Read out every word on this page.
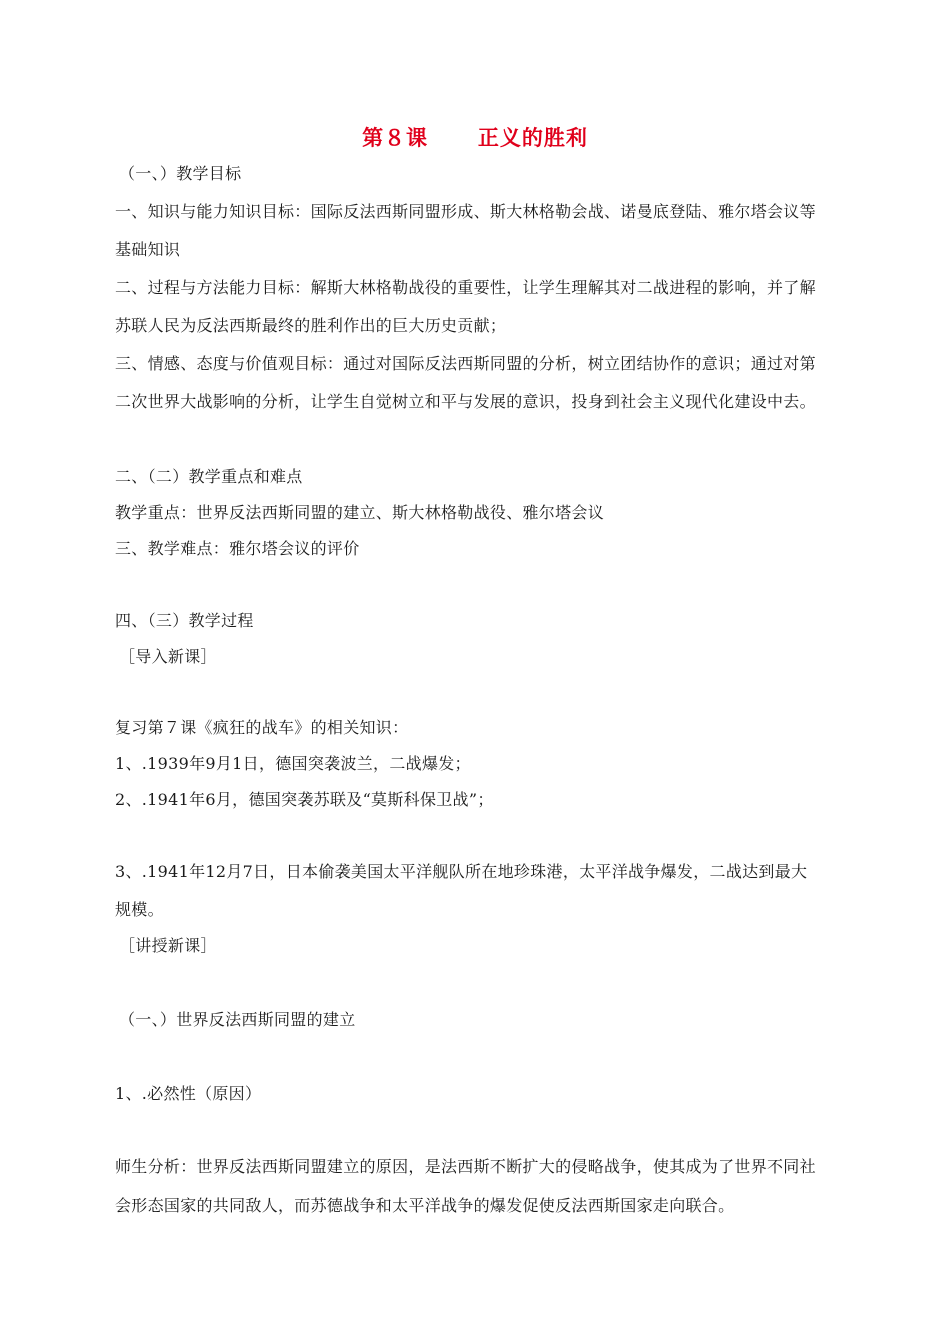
第８课      正义的胜利
（一、）教学目标
一、知识与能力知识目标：国际反法西斯同盟形成、斯大林格勒会战、诺曼底登陆、雅尔塔会议等
基础知识
二、过程与方法能力目标：解斯大林格勒战役的重要性，让学生理解其对二战进程的影响，并了解
苏联人民为反法西斯最终的胜利作出的巨大历史贡献；
三、情感、态度与价值观目标：通过对国际反法西斯同盟的分析，树立团结协作的意识；通过对第
二次世界大战影响的分析，让学生自觉树立和平与发展的意识，投身到社会主义现代化建设中去。
二、（二）教学重点和难点
教学重点：世界反法西斯同盟的建立、斯大林格勒战役、雅尔塔会议
三、教学难点：雅尔塔会议的评价
四、（三）教学过程
［导入新课］
复习第７课《疯狂的战车》的相关知识：
1、.1939年9月1日，德国突袭波兰，二战爆发；
2、.1941年6月，德国突袭苏联及“莫斯科保卫战”；
3、.1941年12月7日，日本偷袭美国太平洋舰队所在地珍珠港，太平洋战争爆发，二战达到最大
规模。
［讲授新课］
（一、）世界反法西斯同盟的建立
1、.必然性（原因）
师生分析：世界反法西斯同盟建立的原因，是法西斯不断扩大的侵略战争，使其成为了世界不同社
会形态国家的共同敌人，而苏德战争和太平洋战争的爆发促使反法西斯国家走向联合。
